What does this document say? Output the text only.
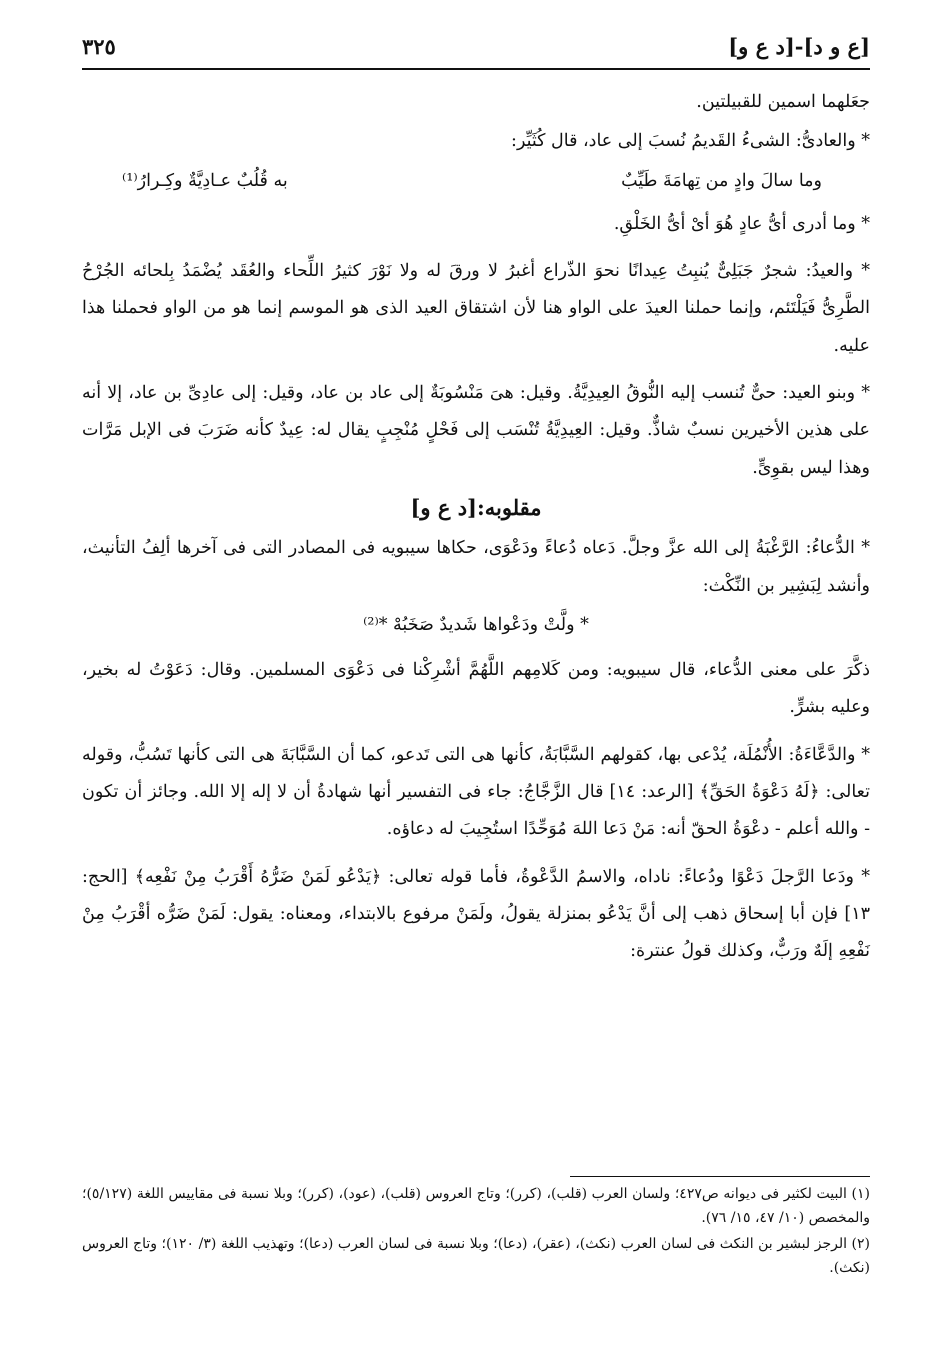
[ع و د]-[د ع و]
٣٢٥

جعَلهما اسمين للقبيلتين.

* والعادىُّ: الشىءُ القَديمُ نُسبَ إلى عاد، قال كُثَيِّر:

وما سالَ وادٍ من تِهامَةَ طَيِّبٌ
به قُلُبٌ عـادِيَّةٌ وكِـرارُ⁽¹⁾

* وما أدرى أىُّ عادٍ هُوَ أىْ أىُّ الخَلْقِ.

* والعيدُ: شجرٌ جَبَلِىٌّ يُنبِتُ عِيدانًا نحوَ الذّراع أغبرُ لا ورقَ له ولا نَوْرَ كثيرُ اللِّحاء والعُقَد يُضْمَدُ بِلحائه الجُرْحُ الطَّرِىُّ فَيَلْتَئم، وإنما حملنا العيدَ على الواو هنا لأن اشتقاق العيد الذى هو الموسم إنما هو من الواو فحملنا هذا عليه.

* وبنو العيد: حىٌّ تُنسب إليه النُّوقُ العِيدِيَّةُ. وقيل: هىَ مَنْسُوبَةٌ إلى عاد بن عاد، وقيل: إلى عادِىِّ بن عاد، إلا أنه على هذين الأخيرين نسبٌ شاذٌّ. وقيل: العِيدِيَّةُ تُنْسَب إلى فَحْلٍ مُنْجِبٍ يقال له: عِيدٌ كأنه ضَرَبَ فى الإبل مَرَّات وهذا ليس بقوِىٍّ.

مقلوبه:[د ع و]

* الدُّعاءُ: الرَّغْبَةُ إلى الله عزَّ وجلَّ. دَعاه دُعاءً ودَعْوَى، حكاها سيبويه فى المصادر التى فى آخرها ألِفُ التأنيث، وأنشد لِبَشِير بن النِّكْث:

* ولَّتْ ودَعْواها شَديدٌ صَخَبُهْ *⁽²⁾

ذكَّرَ على معنى الدُّعاء، قال سيبويه: ومن كَلامِهم اللَّهُمَّ أشْرِكْنا فى دَعْوَى المسلمين. وقال: دَعَوْتُ له بخير، وعليه بشرٍّ.

* والدَّعَّاءَةُ: الأُنْمُلَة، يُدْعى بها، كقولهم السَّبَّابَةُ، كأنها هى التى تَدعو، كما أن السَّبَّابَةَ هى التى كأنها تَسُبُّ، وقوله تعالى: ﴿لَهُ دَعْوَةُ الحَقِّ﴾ [الرعد: ١٤] قال الزَّجَّاجُ: جاء فى التفسير أنها شهادةُ أن لا إله إلا الله. وجائز أن تكون - والله أعلم - دعْوَةُ الحقّ أنه: مَنْ دَعا اللهَ مُوَحِّدًا استُجِيبَ له دعاؤه.

* ودَعا الرَّجلَ دَعْوًا ودُعاءً: ناداه، والاسمُ الدَّعْوةُ، فأما قوله تعالى: ﴿يَدْعُو لَمَنْ ضَرُّهُ أَقْرَبُ مِنْ نَفْعِه﴾ [الحج: ١٣] فإن أبا إسحاق ذهب إلى أنَّ يَدْعُو بمنزلة يقولُ، ولَمَنْ مرفوع بالابتداء، ومعناه: يقول: لَمَنْ ضَرُّه أقْرَبُ مِنْ نَفْعِهِ إلَهٌ ورَبٌّ، وكذلك قولُ عنترة:

(١) البيت لكثير فى ديوانه ص٤٢٧؛ ولسان العرب (قلب)، (كرر)؛ وتاج العروس (قلب)، (عود)، (كرر)؛ وبلا نسبة فى مقاييس اللغة (٥/١٢٧)؛ والمخصص (١٠/ ٤٧، ١٥/ ٧٦).

(٢) الرجز لبشير بن النكث فى لسان العرب (نكث)، (عقر)، (دعا)؛ وبلا نسبة فى لسان العرب (دعا)؛ وتهذيب اللغة (٣/ ١٢٠)؛ وتاج العروس (نكث).
